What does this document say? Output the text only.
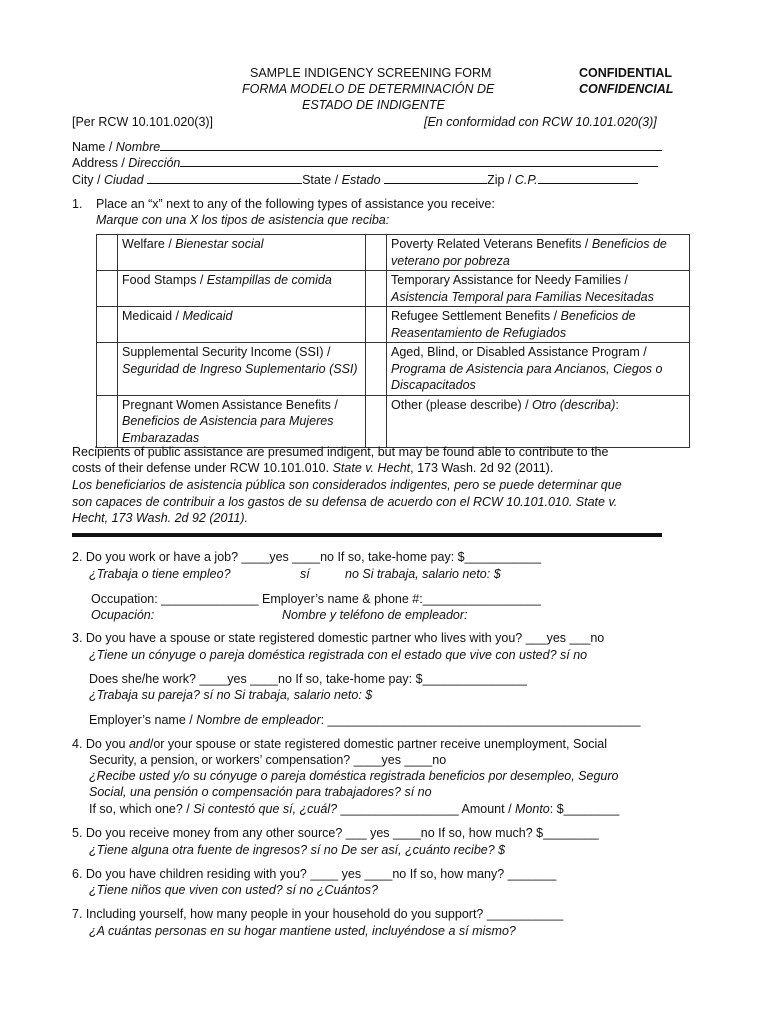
SAMPLE INDIGENCY SCREENING FORM
FORMA MODELO DE DETERMINACIÓN DE
ESTADO DE INDIGENTE
CONFIDENTIAL
CONFIDENCIAL
[Per RCW 10.101.020(3)]	[En conformidad con RCW 10.101.020(3)]
Name / Nombre
Address / Dirección
City / Ciudad	State / Estado	Zip / C.P.
1. Place an “x” next to any of the following types of assistance you receive:
Marque con una X los tipos de asistencia que reciba:
	Welfare / Bienestar social		Poverty Related Veterans Benefits / Beneficios de veterano por pobreza
	Food Stamps / Estampillas de comida		Temporary Assistance for Needy Families / Asistencia Temporal para Familias Necesitadas
	Medicaid / Medicaid		Refugee Settlement Benefits / Beneficios de Reasentamiento de Refugiados
	Supplemental Security Income (SSI) / Seguridad de Ingreso Suplementario (SSI)		Aged, Blind, or Disabled Assistance Program / Programa de Asistencia para Ancianos, Ciegos o Discapacitados
	Pregnant Women Assistance Benefits / Beneficios de Asistencia para Mujeres Embarazadas		Other (please describe) / Otro (describa):
Recipients of public assistance are presumed indigent, but may be found able to contribute to the
costs of their defense under RCW 10.101.010. State v. Hecht, 173 Wash. 2d 92 (2011).
Los beneficiarios de asistencia pública son considerados indigentes, pero se puede determinar que
son capaces de contribuir a los gastos de su defensa de acuerdo con el RCW 10.101.010. State v.
Hecht, 173 Wash. 2d 92 (2011).
2. Do you work or have a job? ____yes ____no If so, take-home pay: $___________
¿Trabaja o tiene empleo?	sí	no Si trabaja, salario neto: $
Occupation: ______________ Employer’s name & phone #:_________________
Ocupación:	Nombre y teléfono de empleador:
3. Do you have a spouse or state registered domestic partner who lives with you? ___yes ___no
¿Tiene un cónyuge o pareja doméstica registrada con el estado que vive con usted? sí no
Does she/he work? ____yes ____no If so, take-home pay: $_______________
¿Trabaja su pareja? sí no Si trabaja, salario neto: $
Employer’s name / Nombre de empleador: _____________________________________________
4. Do you and/or your spouse or state registered domestic partner receive unemployment, Social
Security, a pension, or workers’ compensation? ____yes ____no
¿Recibe usted y/o su cónyuge o pareja doméstica registrada beneficios por desempleo, Seguro
Social, una pensión o compensación para trabajadores? sí no
If so, which one? / Si contestó que sí, ¿cuál? _________________ Amount / Monto: $________
5. Do you receive money from any other source? ___ yes ____no If so, how much? $________
¿Tiene alguna otra fuente de ingresos? sí no De ser así, ¿cuánto recibe? $
6. Do you have children residing with you? ____ yes ____no If so, how many? _______
¿Tiene niños que viven con usted? sí no ¿Cuántos?
7. Including yourself, how many people in your household do you support? ___________
¿A cuántas personas en su hogar mantiene usted, incluyéndose a sí mismo?
